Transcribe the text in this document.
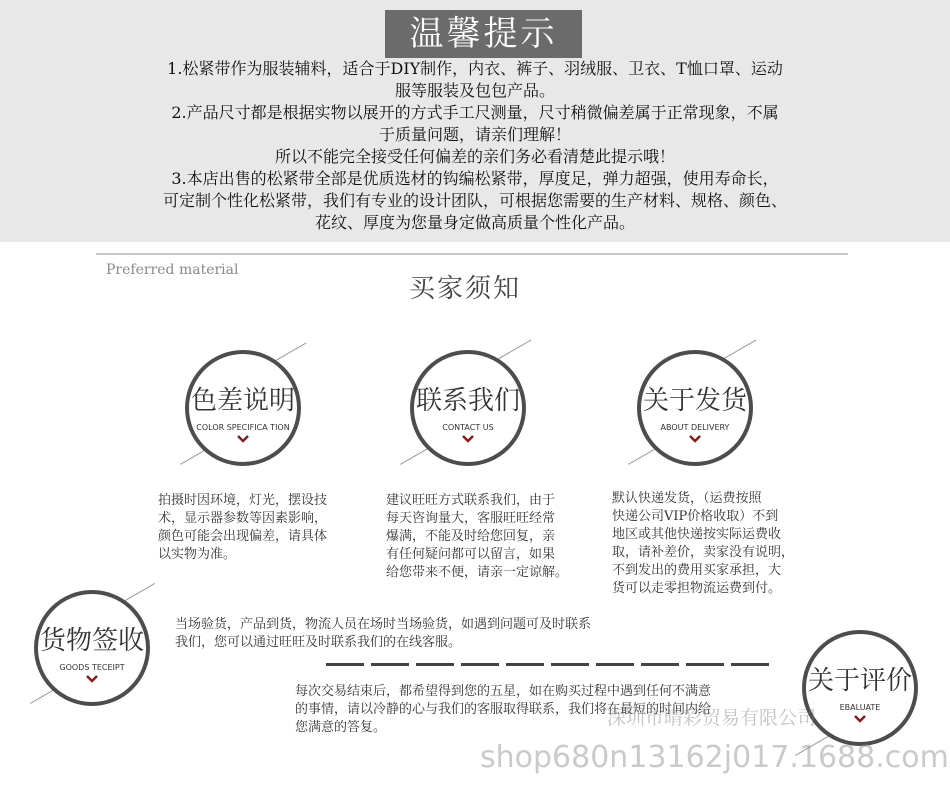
温馨提示

1.松紧带作为服装辅料，适合于DIY制作，内衣、裤子、羽绒服、卫衣、T恤口罩、运动

服等服装及包包产品。

2.产品尺寸都是根据实物以展开的方式手工尺测量，尺寸稍微偏差属于正常现象，不属

于质量问题，请亲们理解！

所以不能完全接受任何偏差的亲们务必看清楚此提示哦！

3.本店出售的松紧带全部是优质选材的钩编松紧带，厚度足，弹力超强，使用寿命长，

可定制个性化松紧带，我们有专业的设计团队，可根据您需要的生产材料、规格、颜色、

花纹、厚度为您量身定做高质量个性化产品。

Preferred material
买家须知
色差说明
COLOR SPECIFICA TION
拍摄时因环境，灯光，摆设技
术，显示器参数等因素影响，
颜色可能会出现偏差，请具体
以实物为准。
联系我们
CONTACT US
建议旺旺方式联系我们，由于
每天咨询量大，客服旺旺经常
爆满，不能及时给您回复，亲
有任何疑问都可以留言，如果
给您带来不便，请亲一定谅解。
关于发货
ABOUT DELIVERY
默认快递发货，（运费按照
快递公司VIP价格收取）不到
地区或其他快递按实际运费收
取，请补差价，卖家没有说明，
不到发出的费用买家承担，大
货可以走零担物流运费到付。
货物签收
GOODS TECEIPT
当场验货，产品到货，物流人员在场时当场验货，如遇到问题可及时联系
我们，您可以通过旺旺及时联系我们的在线客服。
每次交易结束后，都希望得到您的五星，如在购买过程中遇到任何不满意
的事情，请以冷静的心与我们的客服取得联系，我们将在最短的时间内给
您满意的答复。
关于评价
EBALUATE
深圳市晴彩贸易有限公司
shop680n13162j017.1688.com
